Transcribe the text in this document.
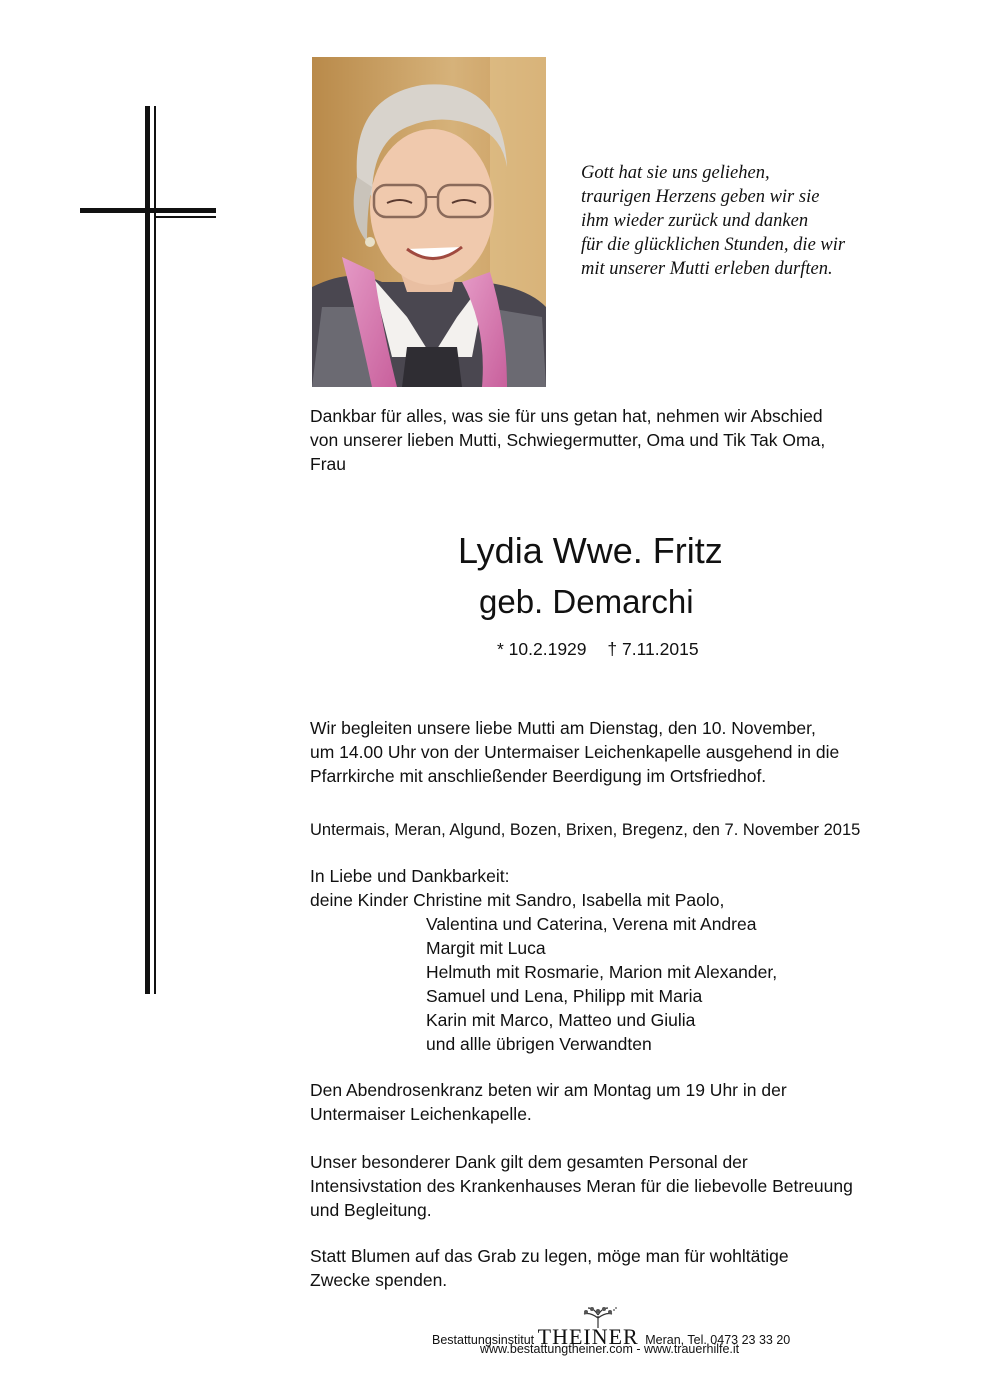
Gott hat sie uns geliehen,
traurigen Herzens geben wir sie
ihm wieder zurück und danken
für die glücklichen Stunden, die wir
mit unserer Mutti erleben durften.
Dankbar für alles, was sie für uns getan hat, nehmen wir Abschied
von unserer lieben Mutti, Schwiegermutter, Oma und Tik Tak Oma,
Frau
Lydia Wwe. Fritz
geb. Demarchi
* 10.2.1929 † 7.11.2015
Wir begleiten unsere liebe Mutti am Dienstag, den 10. November,
um 14.00 Uhr von der Untermaiser Leichenkapelle ausgehend in die
Pfarrkirche mit anschließender Beerdigung im Ortsfriedhof.
Untermais, Meran, Algund, Bozen, Brixen, Bregenz, den 7. November 2015
In Liebe und Dankbarkeit:
deine Kinder Christine mit Sandro, Isabella mit Paolo,
Valentina und Caterina, Verena mit Andrea
Margit mit Luca
Helmuth mit Rosmarie, Marion mit Alexander,
Samuel und Lena, Philipp mit Maria
Karin mit Marco, Matteo und Giulia
und allle übrigen Verwandten
Den Abendrosenkranz beten wir am Montag um 19 Uhr in der
Untermaiser Leichenkapelle.
Unser besonderer Dank gilt dem gesamten Personal der
Intensivstation des Krankenhauses Meran für die liebevolle Betreuung
und Begleitung.
Statt Blumen auf das Grab zu legen, möge man für wohltätige
Zwecke spenden.
Bestattungsinstitut THEINER Meran, Tel. 0473 23 33 20
www.bestattungtheiner.com - www.trauerhilfe.it
